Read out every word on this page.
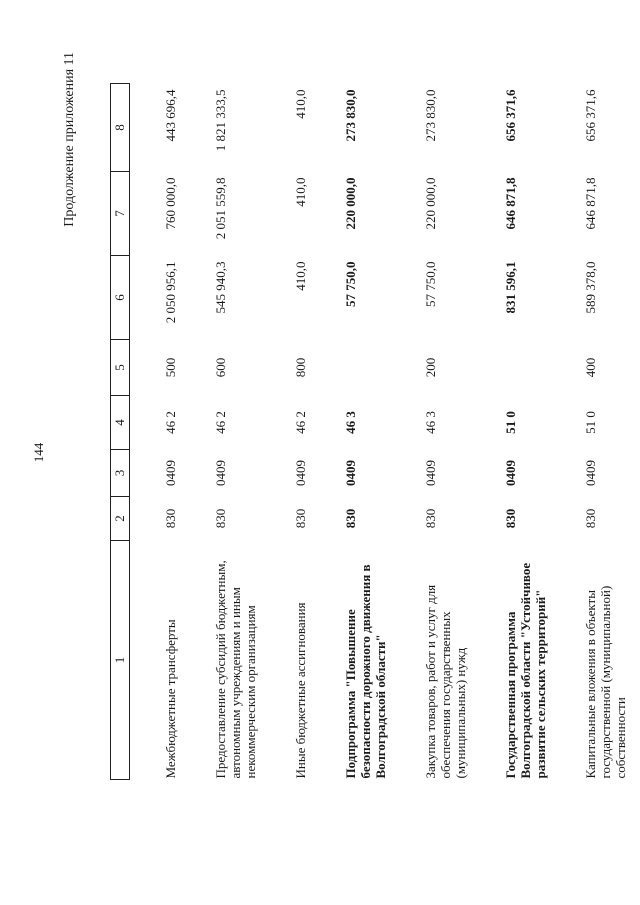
144
Продолжение приложения 11
1	2	3	4	5	6	7	8
Межбюджетные трансферты	830	0409	46 2	500	2 050 956,1	760 000,0	443 696,4
Предоставление субсидий бюджетным, автономным учреждениям и иным некоммерческим организациям	830	0409	46 2	600	545 940,3	2 051 559,8	1 821 333,5
Иные бюджетные ассигнования	830	0409	46 2	800	410,0	410,0	410,0
Подпрограмма "Повышение безопасности дорожного движения в Волгоградской области"	830	0409	46 3		57 750,0	220 000,0	273 830,0
Закупка товаров, работ и услуг для обеспечения государственных (муниципальных) нужд	830	0409	46 3	200	57 750,0	220 000,0	273 830,0
Государственная программа Волгоградской области "Устойчивое развитие сельских территорий"	830	0409	51 0		831 596,1	646 871,8	656 371,6
Капитальные вложения в объекты государственной (муниципальной) собственности	830	0409	51 0	400	589 378,0	646 871,8	656 371,6
